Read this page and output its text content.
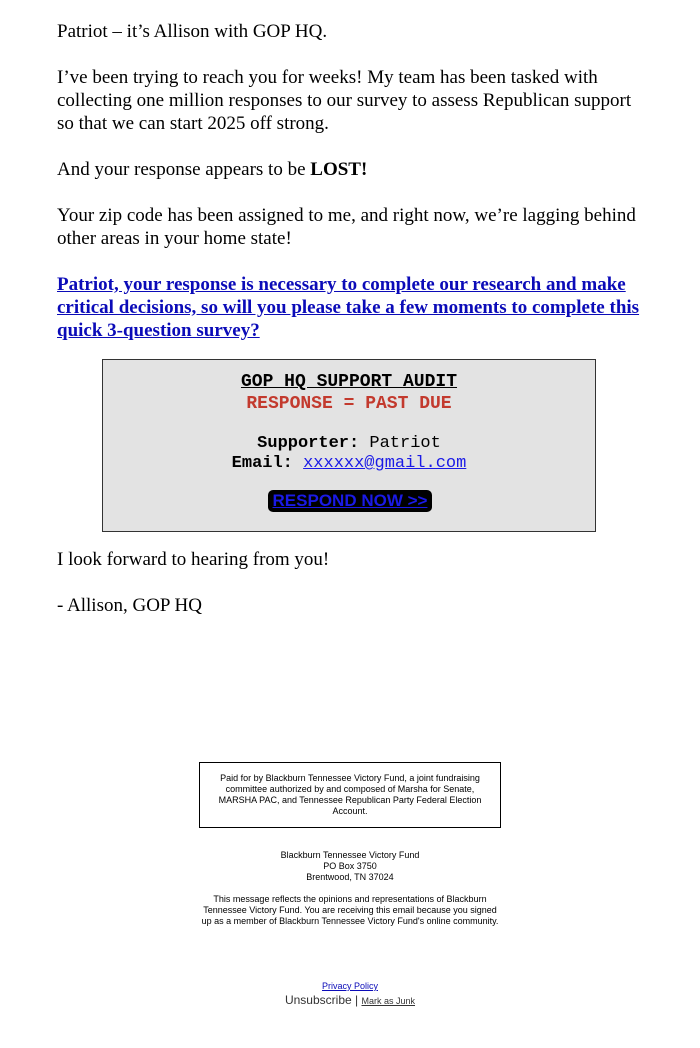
Patriot – it’s Allison with GOP HQ.

I’ve been trying to reach you for weeks! My team has been tasked with collecting one million responses to our survey to assess Republican support so that we can start 2025 off strong.

And your response appears to be LOST!

Your zip code has been assigned to me, and right now, we’re lagging behind other areas in your home state!

Patriot, your response is necessary to complete our research and make critical decisions, so will you please take a few moments to complete this quick 3-question survey?

GOP HQ SUPPORT AUDIT
RESPONSE = PAST DUE
Supporter: Patriot
Email: xxxxxx@gmail.com
RESPOND NOW >>

I look forward to hearing from you!

- Allison, GOP HQ

Paid for by Blackburn Tennessee Victory Fund, a joint fundraising committee authorized by and composed of Marsha for Senate, MARSHA PAC, and Tennessee Republican Party Federal Election Account.
Blackburn Tennessee Victory Fund
PO Box 3750
Brentwood, TN 37024
This message reflects the opinions and representations of Blackburn Tennessee Victory Fund. You are receiving this email because you signed up as a member of Blackburn Tennessee Victory Fund's online community.
Privacy Policy
Unsubscribe | Mark as Junk
